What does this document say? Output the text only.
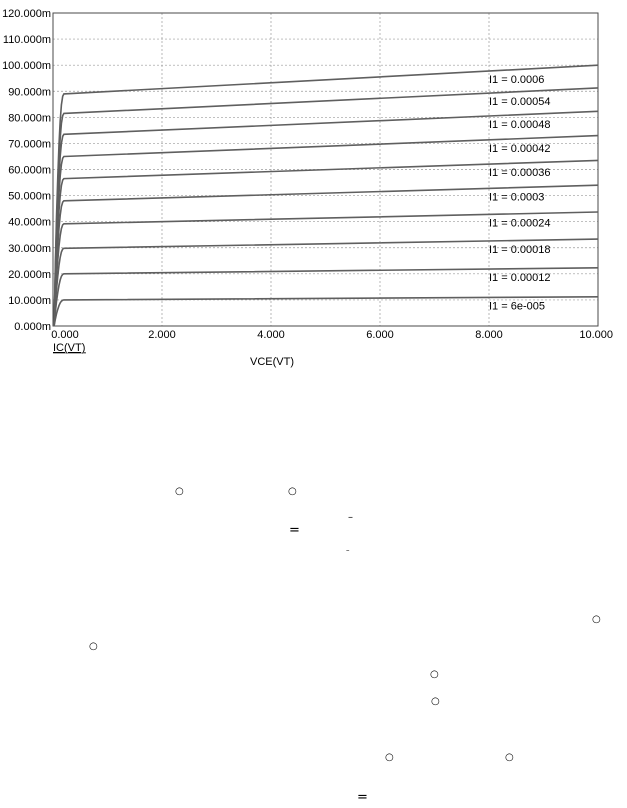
0.000m
10.000m
20.000m
30.000m
40.000m
50.000m
60.000m
70.000m
80.000m
90.000m
100.000m
110.000m
120.000m
0.000	2.000	4.000	6.000	8.000	10.000
I1 = 6e-005
I1 = 0.00012
I1 = 0.00018
I1 = 0.00024
I1 = 0.0003
I1 = 0.00036
I1 = 0.00042
I1 = 0.00048
I1 = 0.00054
I1 = 0.0006
IC(VT)
VCE(VT)
○	○
–
=
–
○
○
○
○
○	○
=
